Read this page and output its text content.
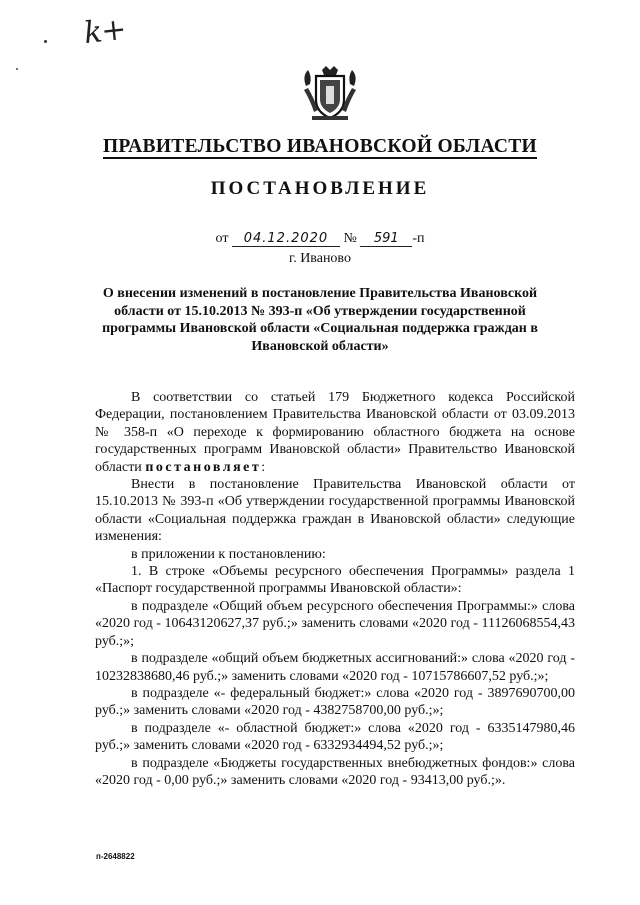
k+
ПРАВИТЕЛЬСТВО ИВАНОВСКОЙ ОБЛАСТИ
ПОСТАНОВЛЕНИЕ
от 04.12.2020 № 591 -п
г. Иваново
О внесении изменений в постановление Правительства Ивановской области от 15.10.2013 № 393-п «Об утверждении государственной программы Ивановской области «Социальная поддержка граждан в Ивановской области»

В соответствии со статьей 179 Бюджетного кодекса Российской Федерации, постановлением Правительства Ивановской области от 03.09.2013 № 358-п «О переходе к формированию областного бюджета на основе государственных программ Ивановской области» Правительство Ивановской области постановляет:

Внести в постановление Правительства Ивановской области от 15.10.2013 № 393-п «Об утверждении государственной программы Ивановской области «Социальная поддержка граждан в Ивановской области» следующие изменения:

в приложении к постановлению:

1. В строке «Объемы ресурсного обеспечения Программы» раздела 1 «Паспорт государственной программы Ивановской области»:

в подразделе «Общий объем ресурсного обеспечения Программы:» слова «2020 год - 10643120627,37 руб.;» заменить словами «2020 год - 11126068554,43 руб.;»;

в подразделе «общий объем бюджетных ассигнований:» слова «2020 год - 10232838680,46 руб.;» заменить словами «2020 год - 10715786607,52 руб.;»;

в подразделе «- федеральный бюджет:» слова «2020 год - 3897690700,00 руб.;» заменить словами «2020 год - 4382758700,00 руб.;»;

в подразделе «- областной бюджет:» слова «2020 год - 6335147980,46 руб.;» заменить словами «2020 год - 6332934494,52 руб.;»;

в подразделе «Бюджеты государственных внебюджетных фондов:» слова «2020 год - 0,00 руб.;» заменить словами «2020 год - 93413,00 руб.;».

п-2648822
